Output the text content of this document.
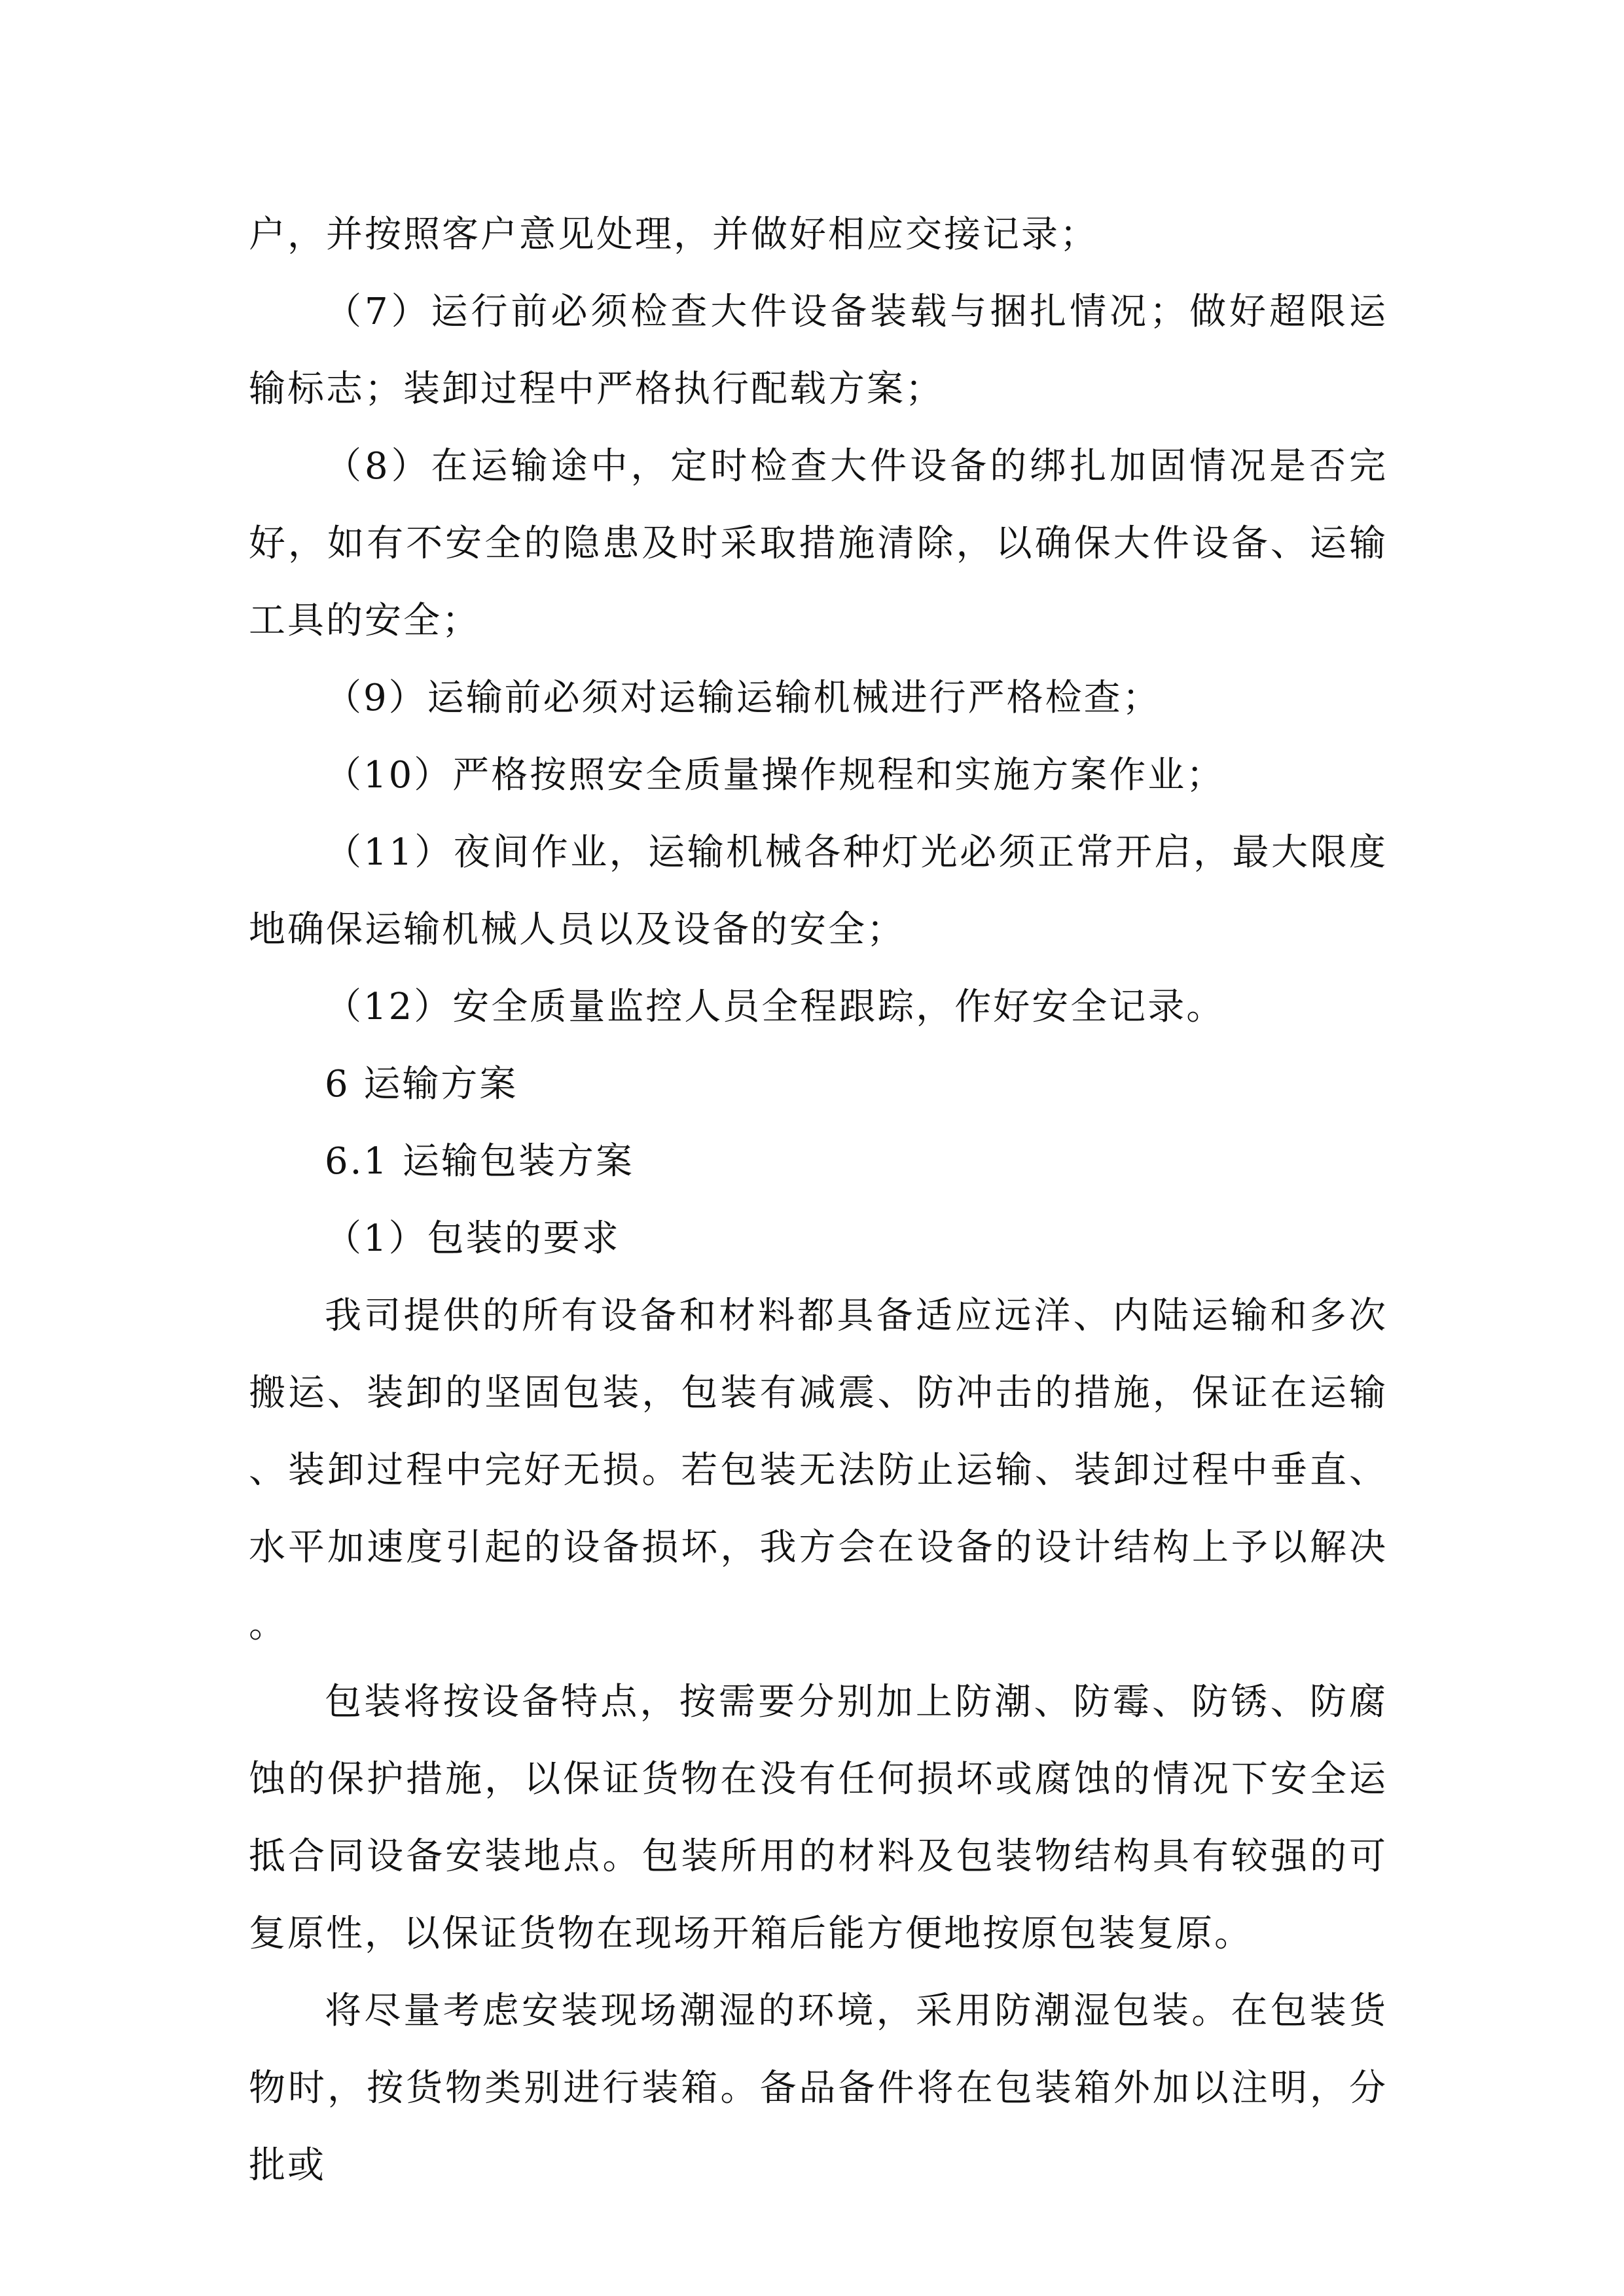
户，并按照客户意见处理，并做好相应交接记录；

（7）运行前必须检查大件设备装载与捆扎情况；做好超限运输标志；装卸过程中严格执行配载方案；

（8）在运输途中，定时检查大件设备的绑扎加固情况是否完好，如有不安全的隐患及时采取措施清除，以确保大件设备、运输工具的安全；

（9）运输前必须对运输运输机械进行严格检查；

（10）严格按照安全质量操作规程和实施方案作业；

（11）夜间作业，运输机械各种灯光必须正常开启，最大限度地确保运输机械人员以及设备的安全；

（12）安全质量监控人员全程跟踪，作好安全记录。

6 运输方案

6.1 运输包装方案

（1）包装的要求

我司提供的所有设备和材料都具备适应远洋、内陆运输和多次搬运、装卸的坚固包装，包装有减震、防冲击的措施，保证在运输、装卸过程中完好无损。若包装无法防止运输、装卸过程中垂直、水平加速度引起的设备损坏，我方会在设备的设计结构上予以解决。

包装将按设备特点，按需要分别加上防潮、防霉、防锈、防腐蚀的保护措施，以保证货物在没有任何损坏或腐蚀的情况下安全运抵合同设备安装地点。包装所用的材料及包装物结构具有较强的可复原性，以保证货物在现场开箱后能方便地按原包装复原。

将尽量考虑安装现场潮湿的环境，采用防潮湿包装。在包装货物时，按货物类别进行装箱。备品备件将在包装箱外加以注明，分批或
